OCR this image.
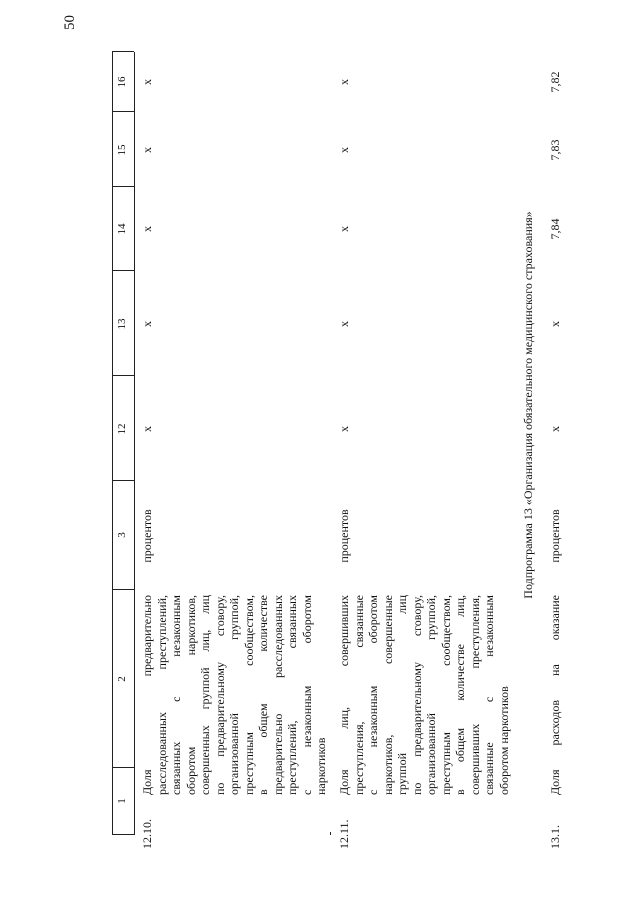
50
1
2
3
12
13
14
15
16
12.10.
Доля предварительно расследованных преступлений, связанных с незаконным оборотом наркотиков, совершенных группой лиц, лиц по предварительному сговору, организованной группой, преступным сообществом, в общем количестве предварительно расследованных преступлений, связанных с незаконным оборотом наркотиков
процентов
x
x
x
x
x
12.11.
Доля лиц, совершивших преступления, связанные с незаконным оборотом наркотиков, совершенные группой лиц по предварительному сговору, организованной группой, преступным сообществом, в общем количестве лиц, совершивших преступления, связанные с незаконным оборотом наркотиков
процентов
x
x
x
x
x
Подпрограмма 13 «Организация обязательного медицинского страхования»
13.1.
Доля расходов на оказание
процентов
x
x
7,84
7,83
7,82
